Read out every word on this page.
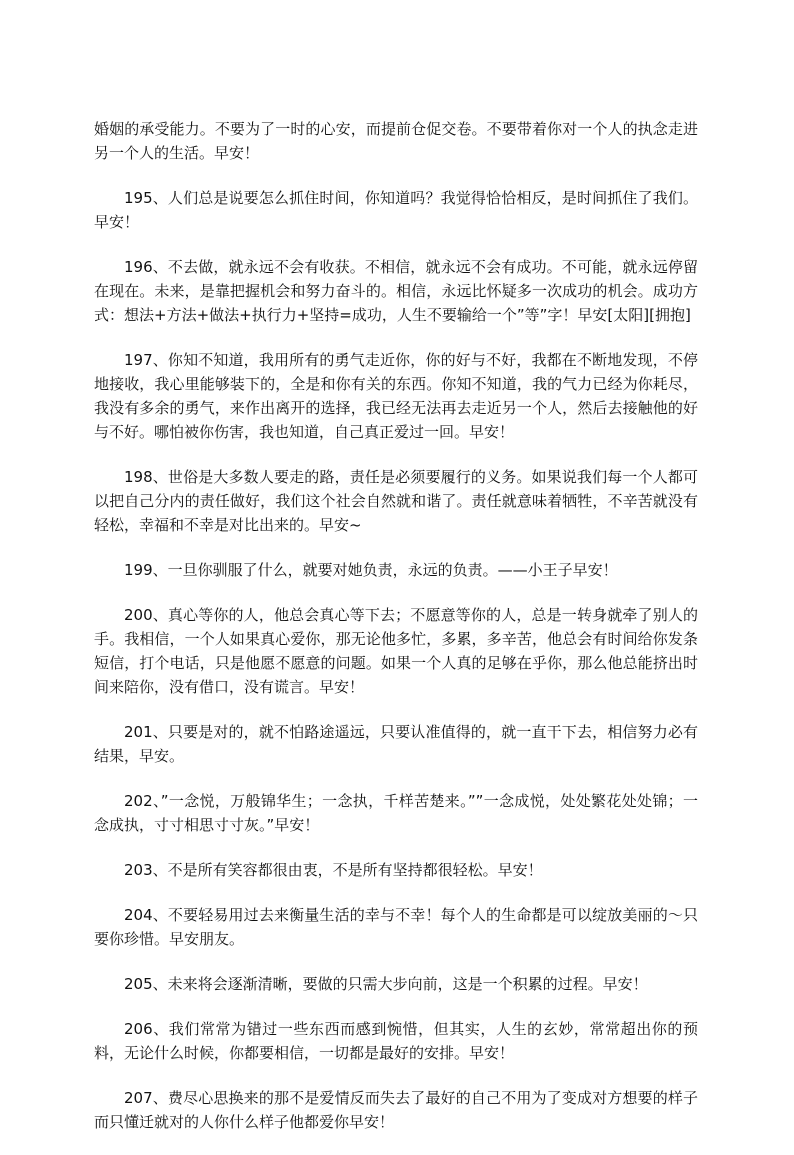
婚姻的承受能力。不要为了一时的心安，而提前仓促交卷。不要带着你对一个人的执念走进另一个人的生活。早安！

195、人们总是说要怎么抓住时间，你知道吗？我觉得恰恰相反，是时间抓住了我们。早安！

196、不去做，就永远不会有收获。不相信，就永远不会有成功。不可能，就永远停留在现在。未来，是靠把握机会和努力奋斗的。相信，永远比怀疑多一次成功的机会。成功方式：想法+方法+做法+执行力+坚持=成功，人生不要输给一个”等”字！早安[太阳][拥抱]

197、你知不知道，我用所有的勇气走近你，你的好与不好，我都在不断地发现，不停地接收，我心里能够装下的，全是和你有关的东西。你知不知道，我的气力已经为你耗尽，我没有多余的勇气，来作出离开的选择，我已经无法再去走近另一个人，然后去接触他的好与不好。哪怕被你伤害，我也知道，自己真正爱过一回。早安！

198、世俗是大多数人要走的路，责任是必须要履行的义务。如果说我们每一个人都可以把自己分内的责任做好，我们这个社会自然就和谐了。责任就意味着牺牲，不辛苦就没有轻松，幸福和不幸是对比出来的。早安~

199、一旦你驯服了什么，就要对她负责，永远的负责。——小王子早安！

200、真心等你的人，他总会真心等下去；不愿意等你的人，总是一转身就牵了别人的手。我相信，一个人如果真心爱你，那无论他多忙，多累，多辛苦，他总会有时间给你发条短信，打个电话，只是他愿不愿意的问题。如果一个人真的足够在乎你，那么他总能挤出时间来陪你，没有借口，没有谎言。早安！

201、只要是对的，就不怕路途遥远，只要认准值得的，就一直干下去，相信努力必有结果，早安。

202、”一念悦，万般锦华生；一念执，千样苦楚来。””一念成悦，处处繁花处处锦；一念成执，寸寸相思寸寸灰。”早安！

203、不是所有笑容都很由衷，不是所有坚持都很轻松。早安！

204、不要轻易用过去来衡量生活的幸与不幸！每个人的生命都是可以绽放美丽的～只要你珍惜。早安朋友。

205、未来将会逐渐清晰，要做的只需大步向前，这是一个积累的过程。早安！

206、我们常常为错过一些东西而感到惋惜，但其实，人生的玄妙，常常超出你的预料，无论什么时候，你都要相信，一切都是最好的安排。早安！

207、费尽心思换来的那不是爱情反而失去了最好的自己不用为了变成对方想要的样子而只懂迁就对的人你什么样子他都爱你早安！
